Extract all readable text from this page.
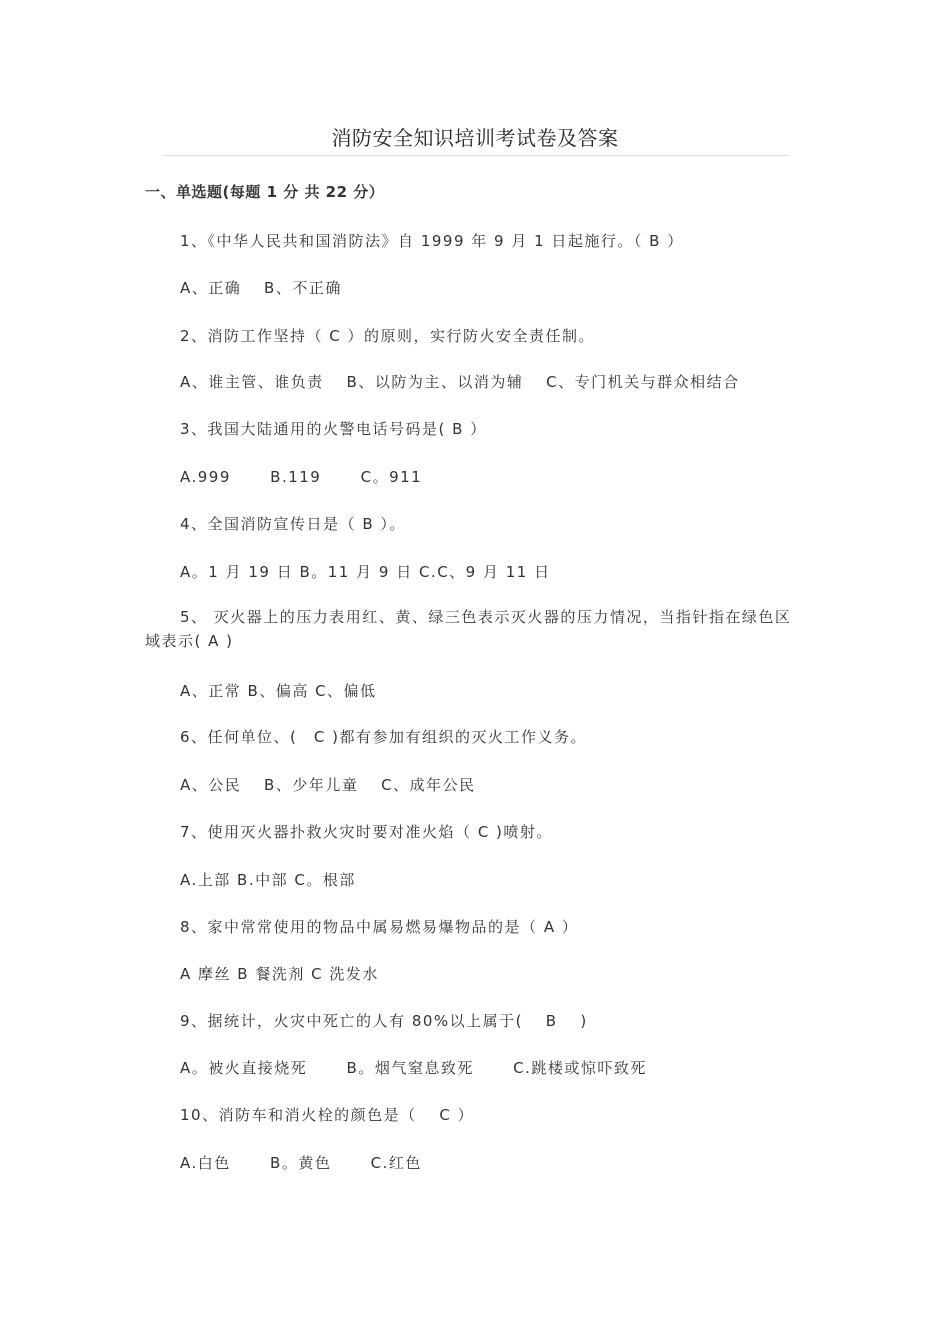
消防安全知识培训考试卷及答案
一、单选题(每题 1 分 共 22 分）
1、《中华人民共和国消防法》自 1999 年 9 月 1 日起施行。（ B ）
A、正确　 B、不正确
2、消防工作坚持（ C ）的原则，实行防火安全责任制。
A、谁主管、谁负责　 B、以防为主、以消为辅　 C、专门机关与群众相结合
3、我国大陆通用的火警电话号码是( B ）
A.999　　 B.119　　 C。911
4、全国消防宣传日是（ B ）。
A。1 月 19 日 B。11 月 9 日 C.C、9 月 11 日
5、 灭火器上的压力表用红、黄、绿三色表示灭火器的压力情况，当指针指在绿色区域表示( A )
A、正常 B、偏高 C、偏低
6、任何单位、(　C )都有参加有组织的灭火工作义务。
A、公民　 B、少年儿童　 C、成年公民
7、使用灭火器扑救火灾时要对准火焰（ C )喷射。
A.上部 B.中部 C。根部
8、家中常常使用的物品中属易燃易爆物品的是（ A ）
A 摩丝 B 餐洗剂 C 洗发水
9、据统计，火灾中死亡的人有 80%以上属于(　 B　 )
A。被火直接烧死　　 B。烟气窒息致死　　 C.跳楼或惊吓致死
10、消防车和消火栓的颜色是（　 C ）
A.白色　　 B。黄色　　 C.红色
